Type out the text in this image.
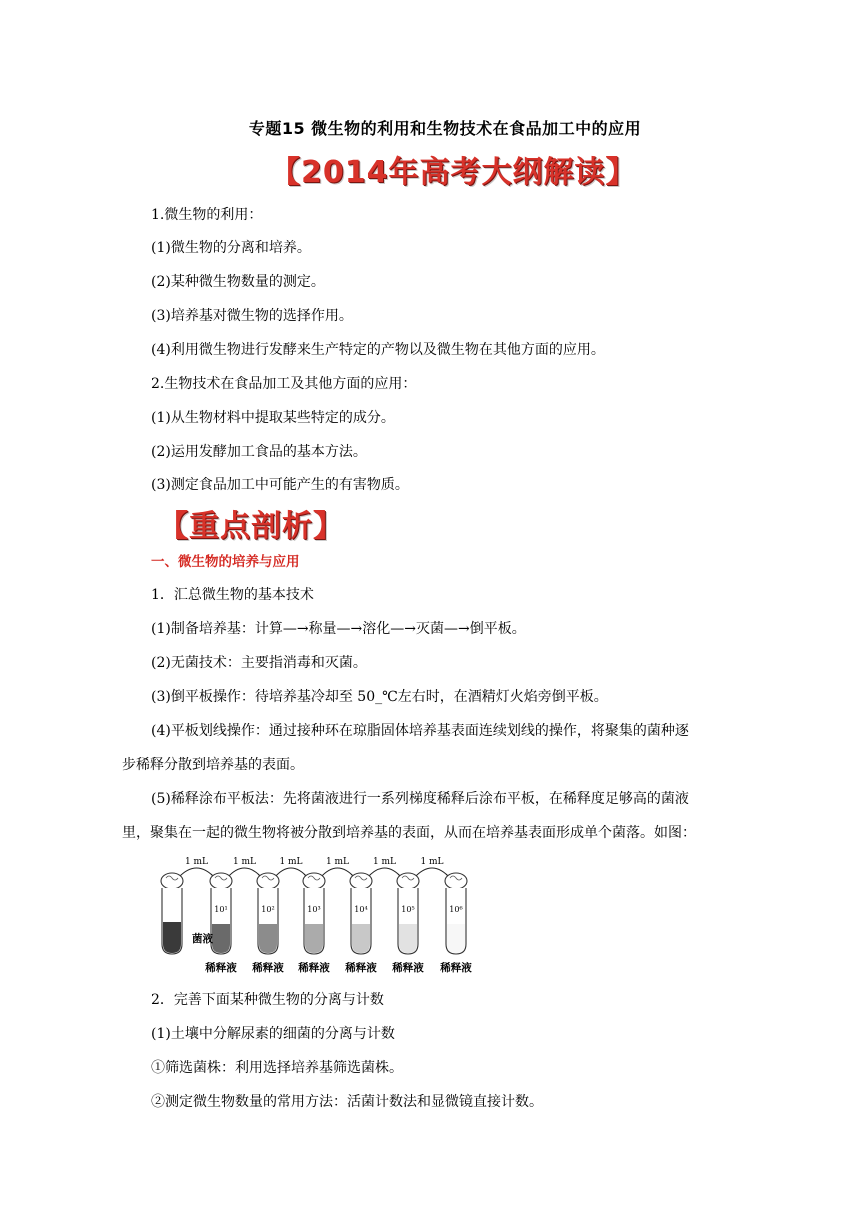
专题15 微生物的利用和生物技术在食品加工中的应用
【2014年高考大纲解读】
1.微生物的利用：
(1)微生物的分离和培养。
(2)某种微生物数量的测定。
(3)培养基对微生物的选择作用。
(4)利用微生物进行发酵来生产特定的产物以及微生物在其他方面的应用。
2.生物技术在食品加工及其他方面的应用：
(1)从生物材料中提取某些特定的成分。
(2)运用发酵加工食品的基本方法。
(3)测定食品加工中可能产生的有害物质。
【重点剖析】
一、微生物的培养与应用
1．汇总微生物的基本技术
(1)制备培养基：计算—→称量—→溶化—→灭菌—→倒平板。
(2)无菌技术：主要指消毒和灭菌。
(3)倒平板操作：待培养基冷却至 50_℃左右时，在酒精灯火焰旁倒平板。
(4)平板划线操作：通过接种环在琼脂固体培养基表面连续划线的操作，将聚集的菌种逐
步稀释分散到培养基的表面。
(5)稀释涂布平板法：先将菌液进行一系列梯度稀释后涂布平板，在稀释度足够高的菌液
里，聚集在一起的微生物将被分散到培养基的表面，从而在培养基表面形成单个菌落。如图：
1 mL
10¹
稀释液
1 mL
10²
稀释液
1 mL
10³
稀释液
1 mL
10⁴
稀释液
1 mL
10⁵
稀释液
1 mL
10⁶
稀释液
菌液
2．完善下面某种微生物的分离与计数
(1)土壤中分解尿素的细菌的分离与计数
①筛选菌株：利用选择培养基筛选菌株。
②测定微生物数量的常用方法：活菌计数法和显微镜直接计数。
